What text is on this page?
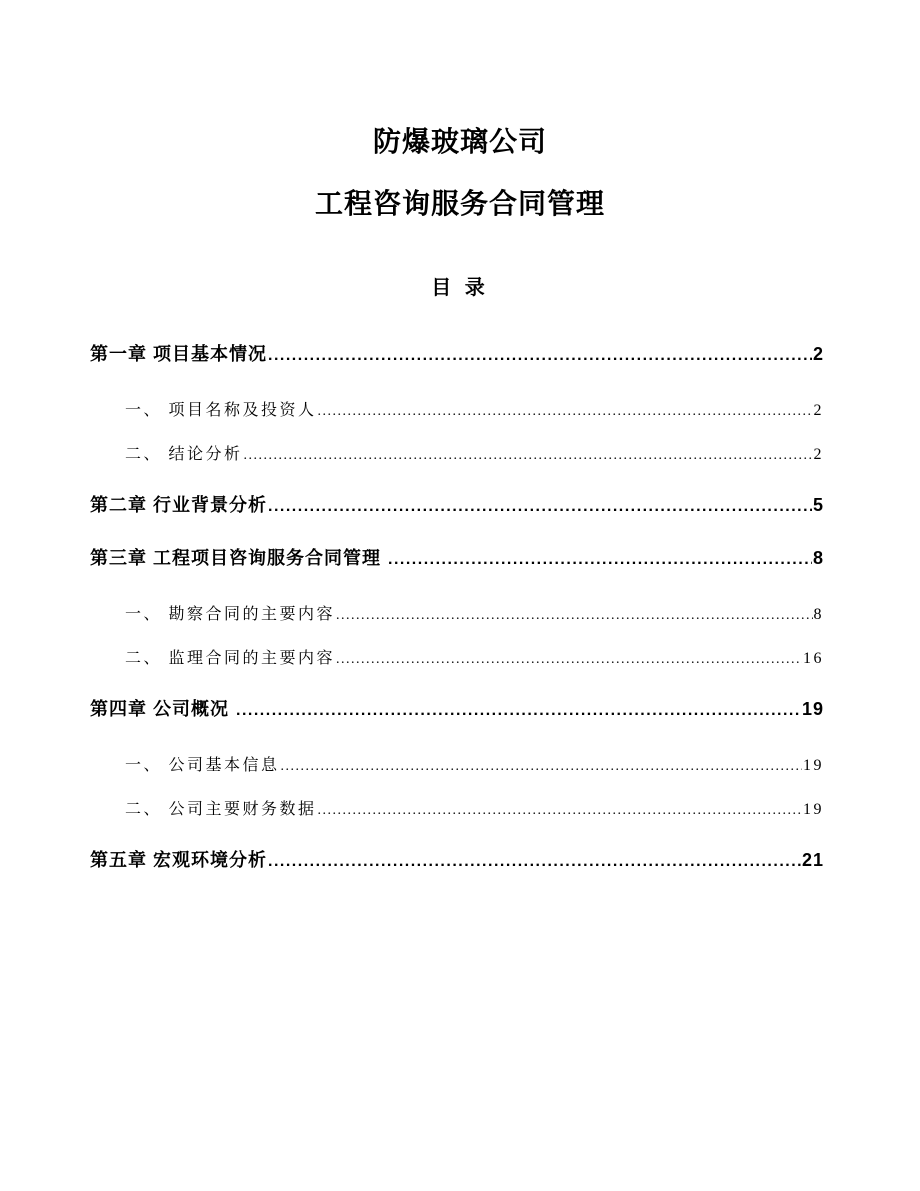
防爆玻璃公司
工程咨询服务合同管理
目 录
第一章 项目基本情况 .....	2
一、 项目名称及投资人 .....	2
二、 结论分析 .....	2
第二章 行业背景分析 .....	5
第三章 工程项目咨询服务合同管理 .....	8
一、 勘察合同的主要内容 .....	8
二、 监理合同的主要内容 .....	16
第四章 公司概况 .....	19
一、 公司基本信息 .....	19
二、 公司主要财务数据 .....	19
第五章 宏观环境分析 .....	21
